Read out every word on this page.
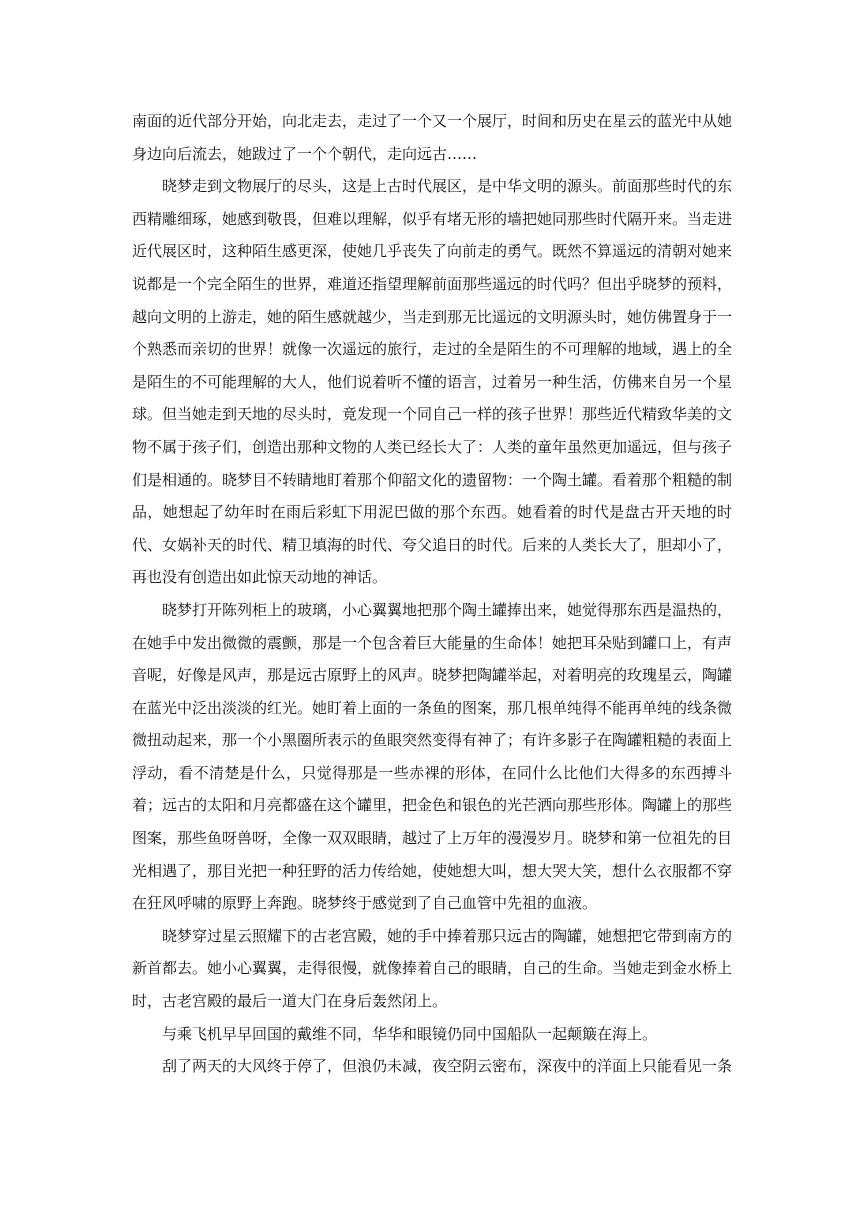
南面的近代部分开始，向北走去，走过了一个又一个展厅，时间和历史在星云的蓝光中从她身边向后流去，她跋过了一个个朝代，走向远古……

晓梦走到文物展厅的尽头，这是上古时代展区，是中华文明的源头。前面那些时代的东西精雕细琢，她感到敬畏，但难以理解，似乎有堵无形的墙把她同那些时代隔开来。当走进近代展区时，这种陌生感更深，使她几乎丧失了向前走的勇气。既然不算遥远的清朝对她来说都是一个完全陌生的世界，难道还指望理解前面那些遥远的时代吗？但出乎晓梦的预料，越向文明的上游走，她的陌生感就越少，当走到那无比遥远的文明源头时，她仿佛置身于一个熟悉而亲切的世界！就像一次遥远的旅行，走过的全是陌生的不可理解的地域，遇上的全是陌生的不可能理解的大人，他们说着听不懂的语言，过着另一种生活，仿佛来自另一个星球。但当她走到天地的尽头时，竟发现一个同自己一样的孩子世界！那些近代精致华美的文物不属于孩子们，创造出那种文物的人类已经长大了：人类的童年虽然更加遥远，但与孩子们是相通的。晓梦目不转睛地盯着那个仰韶文化的遗留物：一个陶土罐。看着那个粗糙的制品，她想起了幼年时在雨后彩虹下用泥巴做的那个东西。她看着的时代是盘古开天地的时代、女娲补天的时代、精卫填海的时代、夸父追日的时代。后来的人类长大了，胆却小了，再也没有创造出如此惊天动地的神话。

晓梦打开陈列柜上的玻璃，小心翼翼地把那个陶土罐捧出来，她觉得那东西是温热的，在她手中发出微微的震颤，那是一个包含着巨大能量的生命体！她把耳朵贴到罐口上，有声音呢，好像是风声，那是远古原野上的风声。晓梦把陶罐举起，对着明亮的玫瑰星云，陶罐在蓝光中泛出淡淡的红光。她盯着上面的一条鱼的图案，那几根单纯得不能再单纯的线条微微扭动起来，那一个小黑圈所表示的鱼眼突然变得有神了；有许多影子在陶罐粗糙的表面上浮动，看不清楚是什么，只觉得那是一些赤裸的形体，在同什么比他们大得多的东西搏斗着；远古的太阳和月亮都盛在这个罐里，把金色和银色的光芒洒向那些形体。陶罐上的那些图案，那些鱼呀兽呀，全像一双双眼睛，越过了上万年的漫漫岁月。晓梦和第一位祖先的目光相遇了，那目光把一种狂野的活力传给她，使她想大叫，想大哭大笑，想什么衣服都不穿在狂风呼啸的原野上奔跑。晓梦终于感觉到了自己血管中先祖的血液。

晓梦穿过星云照耀下的古老宫殿，她的手中捧着那只远古的陶罐，她想把它带到南方的新首都去。她小心翼翼，走得很慢，就像捧着自己的眼睛，自己的生命。当她走到金水桥上时，古老宫殿的最后一道大门在身后轰然闭上。

与乘飞机早早回国的戴维不同，华华和眼镜仍同中国船队一起颠簸在海上。

刮了两天的大风终于停了，但浪仍未减，夜空阴云密布，深夜中的洋面上只能看见一条
